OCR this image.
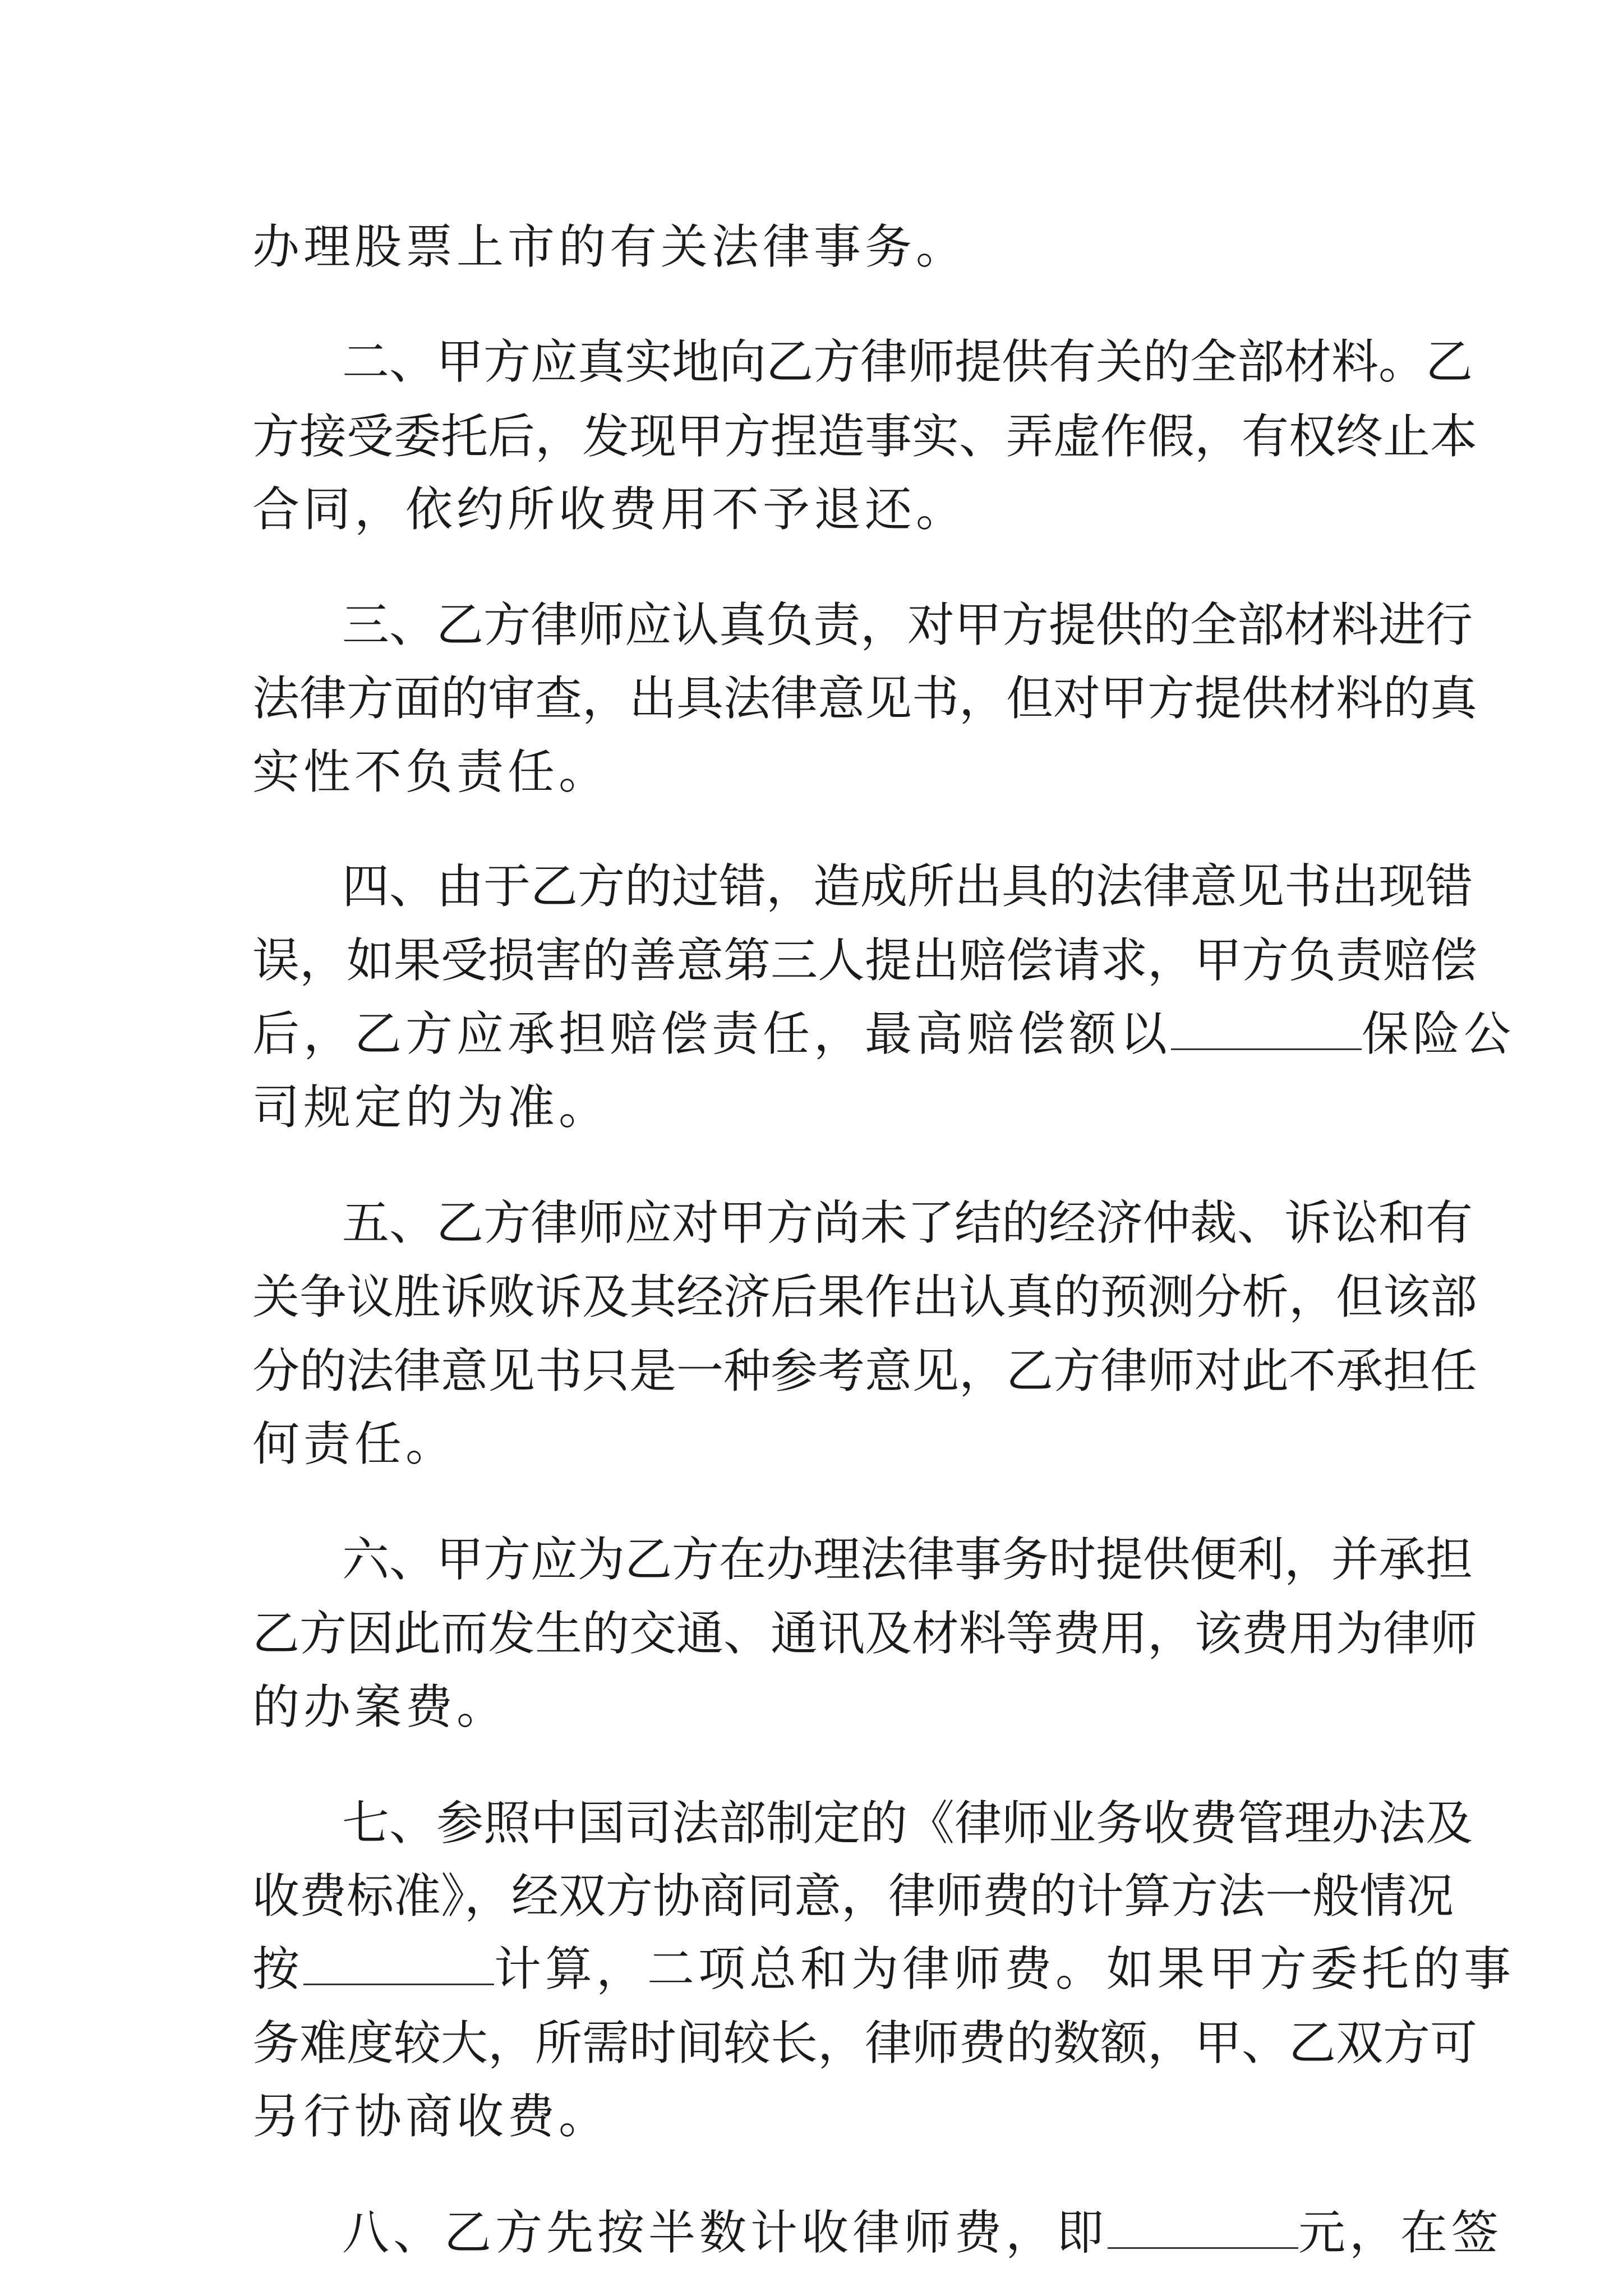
办理股票上市的有关法律事务。
二、甲方应真实地向乙方律师提供有关的全部材料。乙
方接受委托后，发现甲方捏造事实、弄虚作假，有权终止本
合同，依约所收费用不予退还。
三、乙方律师应认真负责，对甲方提供的全部材料进行
法律方面的审查，出具法律意见书，但对甲方提供材料的真
实性不负责任。
四、由于乙方的过错，造成所出具的法律意见书出现错
误，如果受损害的善意第三人提出赔偿请求，甲方负责赔偿
后，乙方应承担赔偿责任，最高赔偿额以	保险公
司规定的为准。
五、乙方律师应对甲方尚未了结的经济仲裁、诉讼和有
关争议胜诉败诉及其经济后果作出认真的预测分析，但该部
分的法律意见书只是一种参考意见，乙方律师对此不承担任
何责任。
六、甲方应为乙方在办理法律事务时提供便利，并承担
乙方因此而发生的交通、通讯及材料等费用，该费用为律师
的办案费。
七、参照中国司法部制定的《律师业务收费管理办法及
收费标准》，经双方协商同意，律师费的计算方法一般情况
按	计算，二项总和为律师费。如果甲方委托的事
务难度较大，所需时间较长，律师费的数额，甲、乙双方可
另行协商收费。
八、乙方先按半数计收律师费，即	元，在签
